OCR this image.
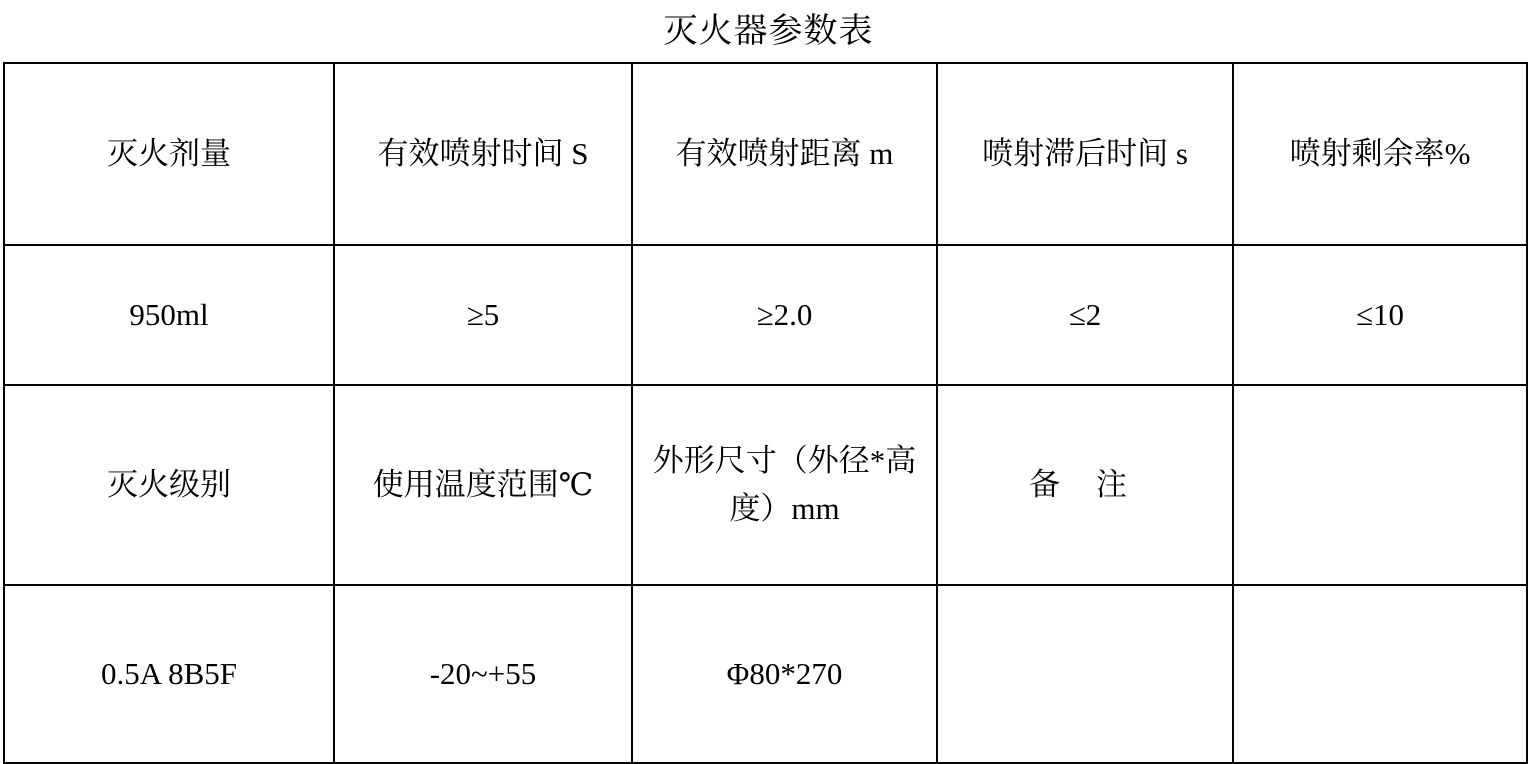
灭火器参数表
灭火剂量	有效喷射时间 S	有效喷射距离 m	喷射滞后时间 s	喷射剩余率%
950ml	≥5	≥2.0	≤2	≤10
灭火级别	使用温度范围℃	外形尺寸（外径*高度）mm	备 注	
0.5A 8B5F	-20~+55	Φ80*270		
